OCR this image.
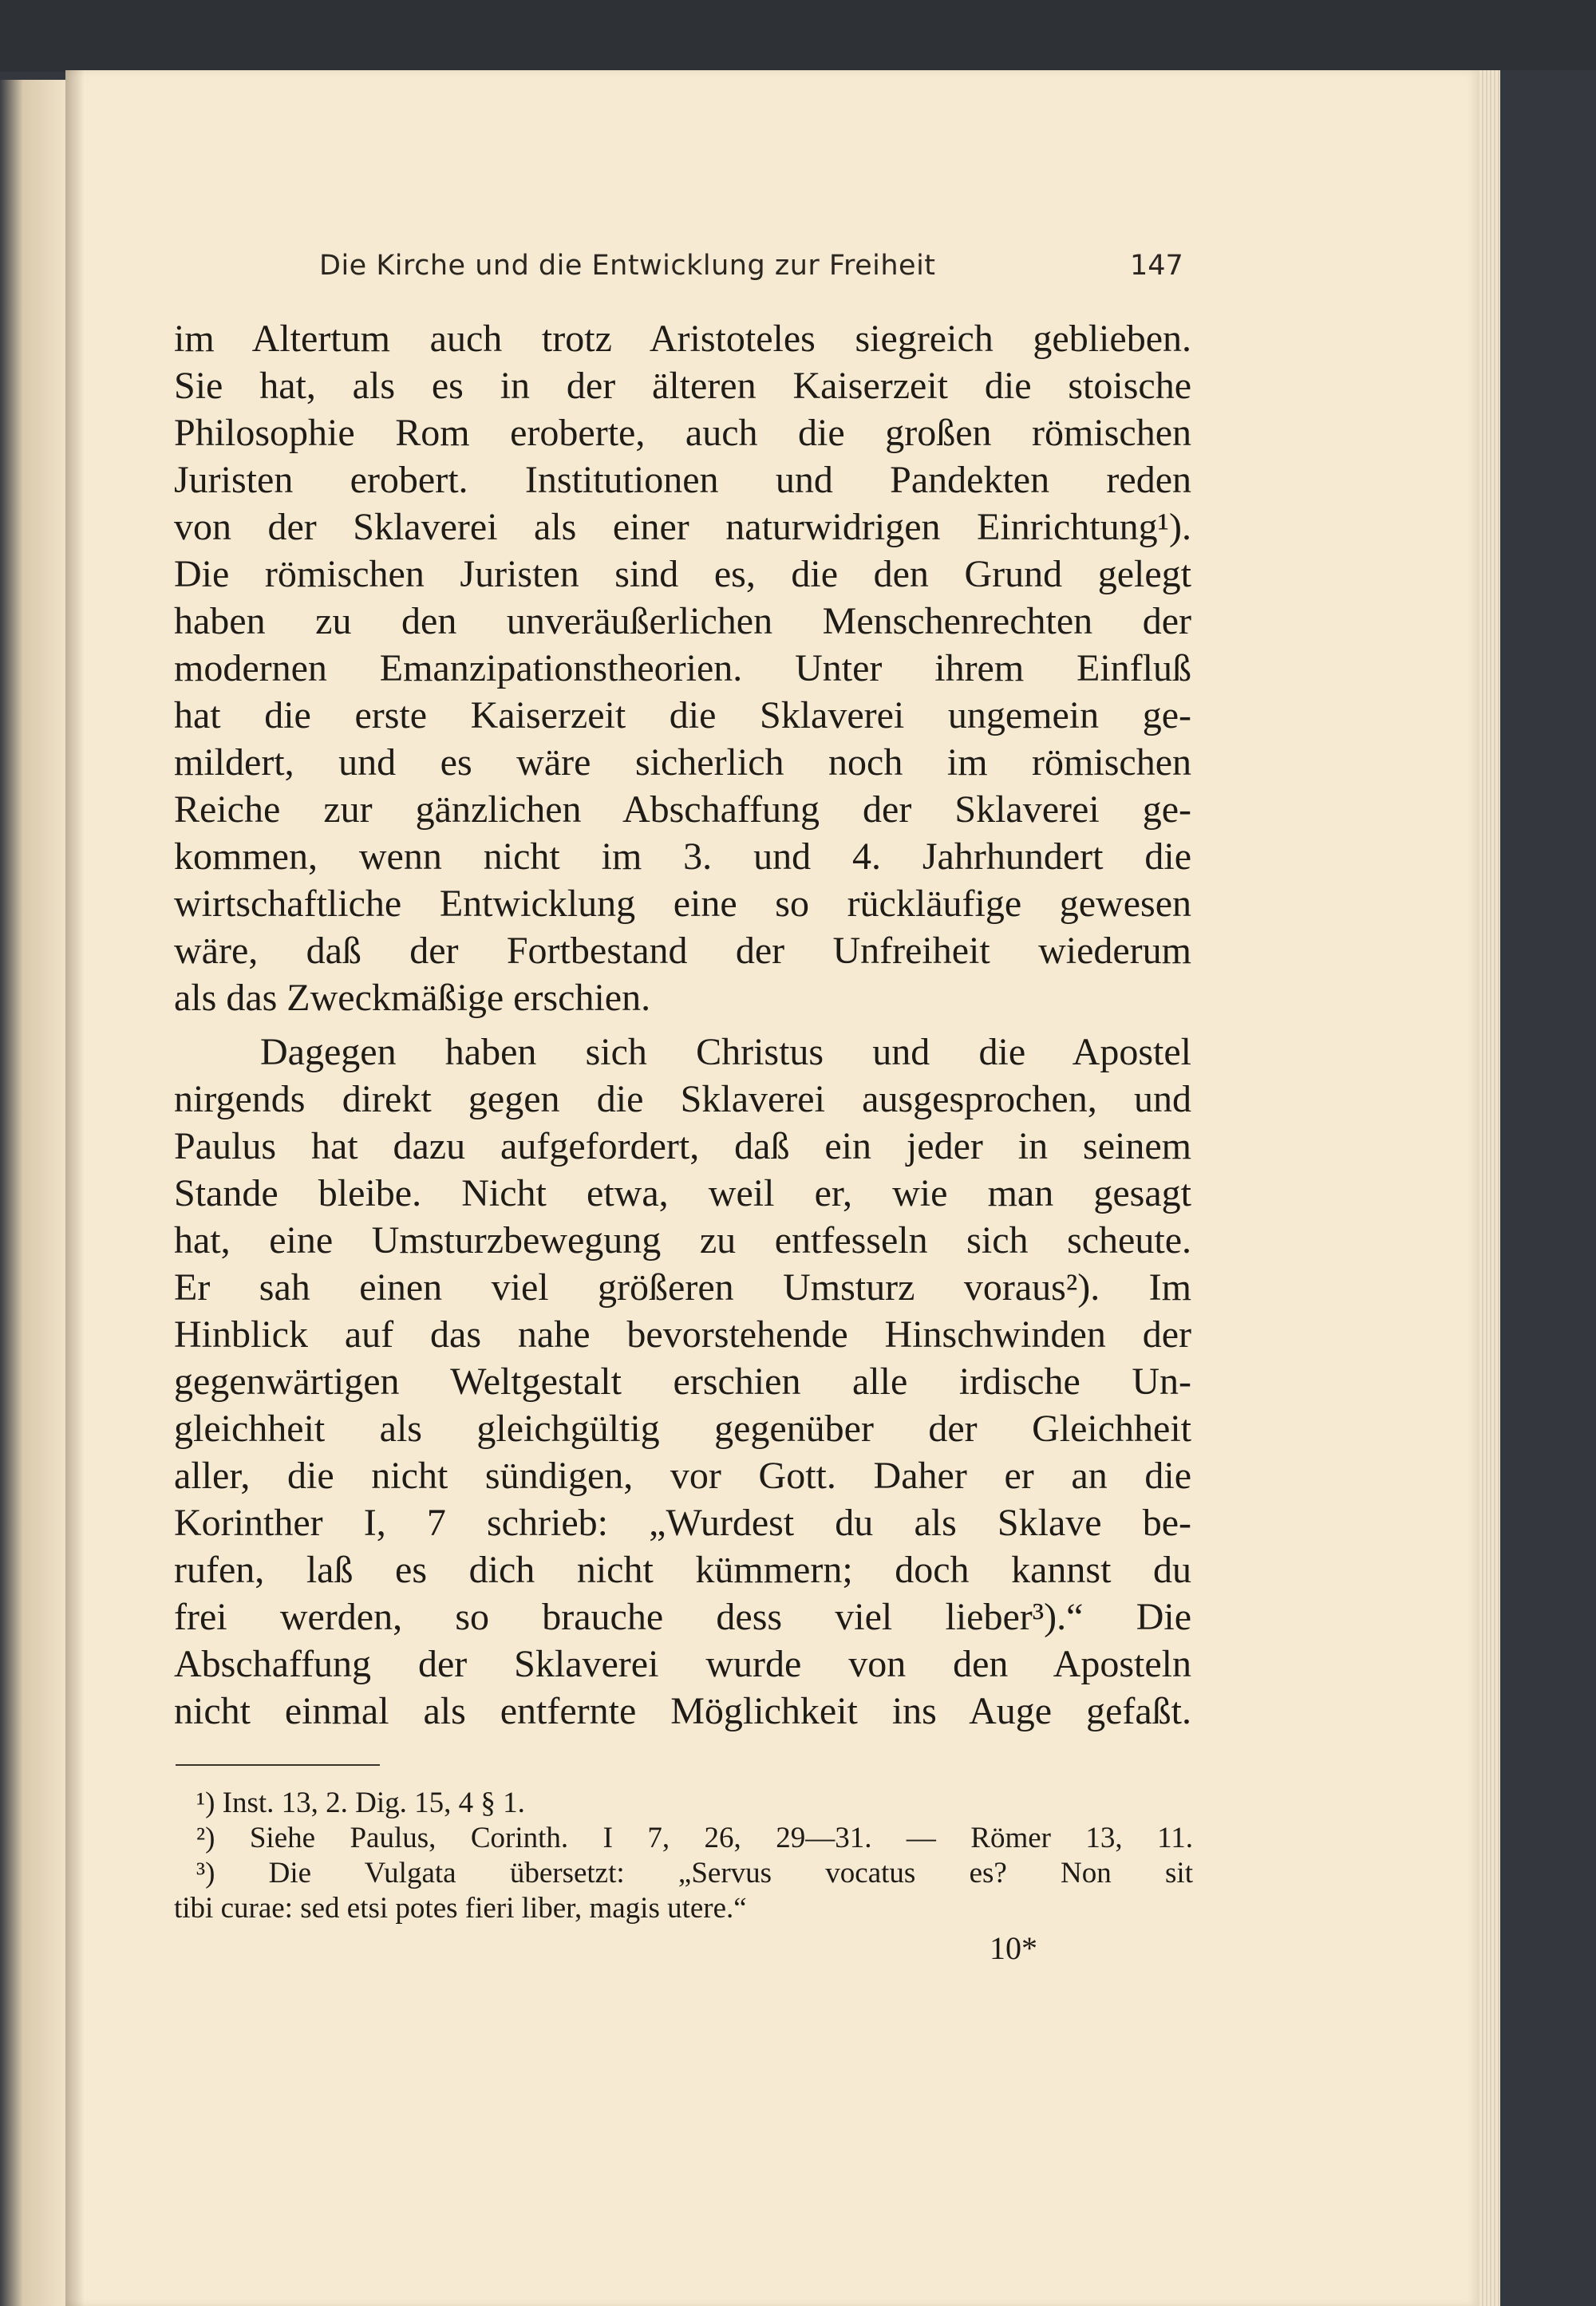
Die Kirche und die Entwicklung zur Freiheit	147
im Altertum auch trotz Aristoteles siegreich geblieben.
Sie hat, als es in der älteren Kaiserzeit die stoische
Philosophie Rom eroberte, auch die großen römischen
Juristen erobert. Institutionen und Pandekten reden
von der Sklaverei als einer naturwidrigen Einrichtung¹).
Die römischen Juristen sind es, die den Grund gelegt
haben zu den unveräußerlichen Menschenrechten der
modernen Emanzipationstheorien. Unter ihrem Einfluß
hat die erste Kaiserzeit die Sklaverei ungemein ge-
mildert, und es wäre sicherlich noch im römischen
Reiche zur gänzlichen Abschaffung der Sklaverei ge-
kommen, wenn nicht im 3. und 4. Jahrhundert die
wirtschaftliche Entwicklung eine so rückläufige gewesen
wäre, daß der Fortbestand der Unfreiheit wiederum
als das Zweckmäßige erschien.
Dagegen haben sich Christus und die Apostel
nirgends direkt gegen die Sklaverei ausgesprochen, und
Paulus hat dazu aufgefordert, daß ein jeder in seinem
Stande bleibe. Nicht etwa, weil er, wie man gesagt
hat, eine Umsturzbewegung zu entfesseln sich scheute.
Er sah einen viel größeren Umsturz voraus²). Im
Hinblick auf das nahe bevorstehende Hinschwinden der
gegenwärtigen Weltgestalt erschien alle irdische Un-
gleichheit als gleichgültig gegenüber der Gleichheit
aller, die nicht sündigen, vor Gott. Daher er an die
Korinther I, 7 schrieb: „Wurdest du als Sklave be-
rufen, laß es dich nicht kümmern; doch kannst du
frei werden, so brauche dess viel lieber³).“ Die
Abschaffung der Sklaverei wurde von den Aposteln
nicht einmal als entfernte Möglichkeit ins Auge gefaßt.
¹) Inst. 13, 2. Dig. 15, 4 § 1.
²) Siehe Paulus, Corinth. I 7, 26, 29—31. — Römer 13, 11.
³) Die Vulgata übersetzt: „Servus vocatus es? Non sit
tibi curae: sed etsi potes fieri liber, magis utere.“
10*
